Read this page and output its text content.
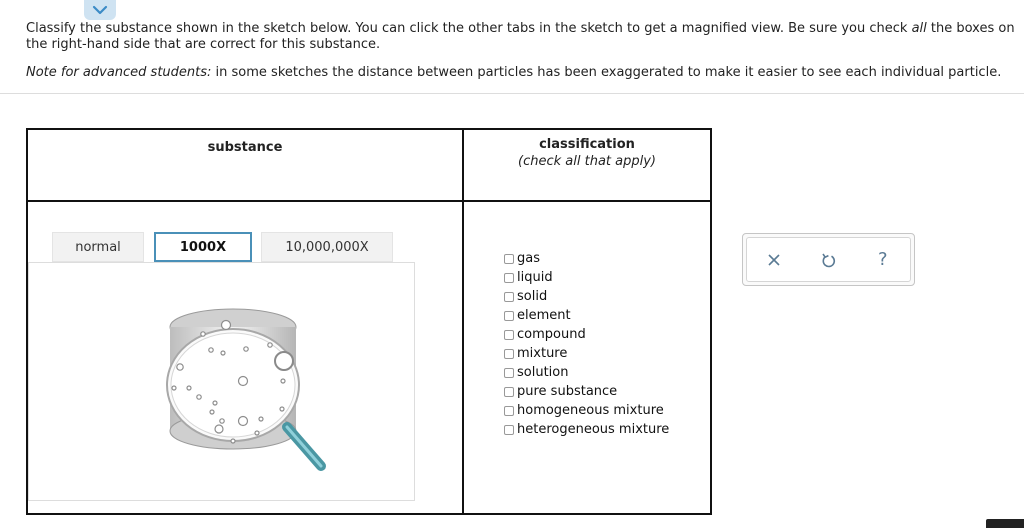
Classify the substance shown in the sketch below. You can click the other tabs in the sketch to get a magnified view. Be sure you check all the boxes on the right-hand side that are correct for this substance.

Note for advanced students: in some sketches the distance between particles has been exaggerated to make it easier to see each individual particle.

substance	classification
(check all that apply)
normal	1000X	10,000,000X
gas
liquid
solid
element
compound
mixture
solution
pure substance
homogeneous mixture
heterogeneous mixture
?
